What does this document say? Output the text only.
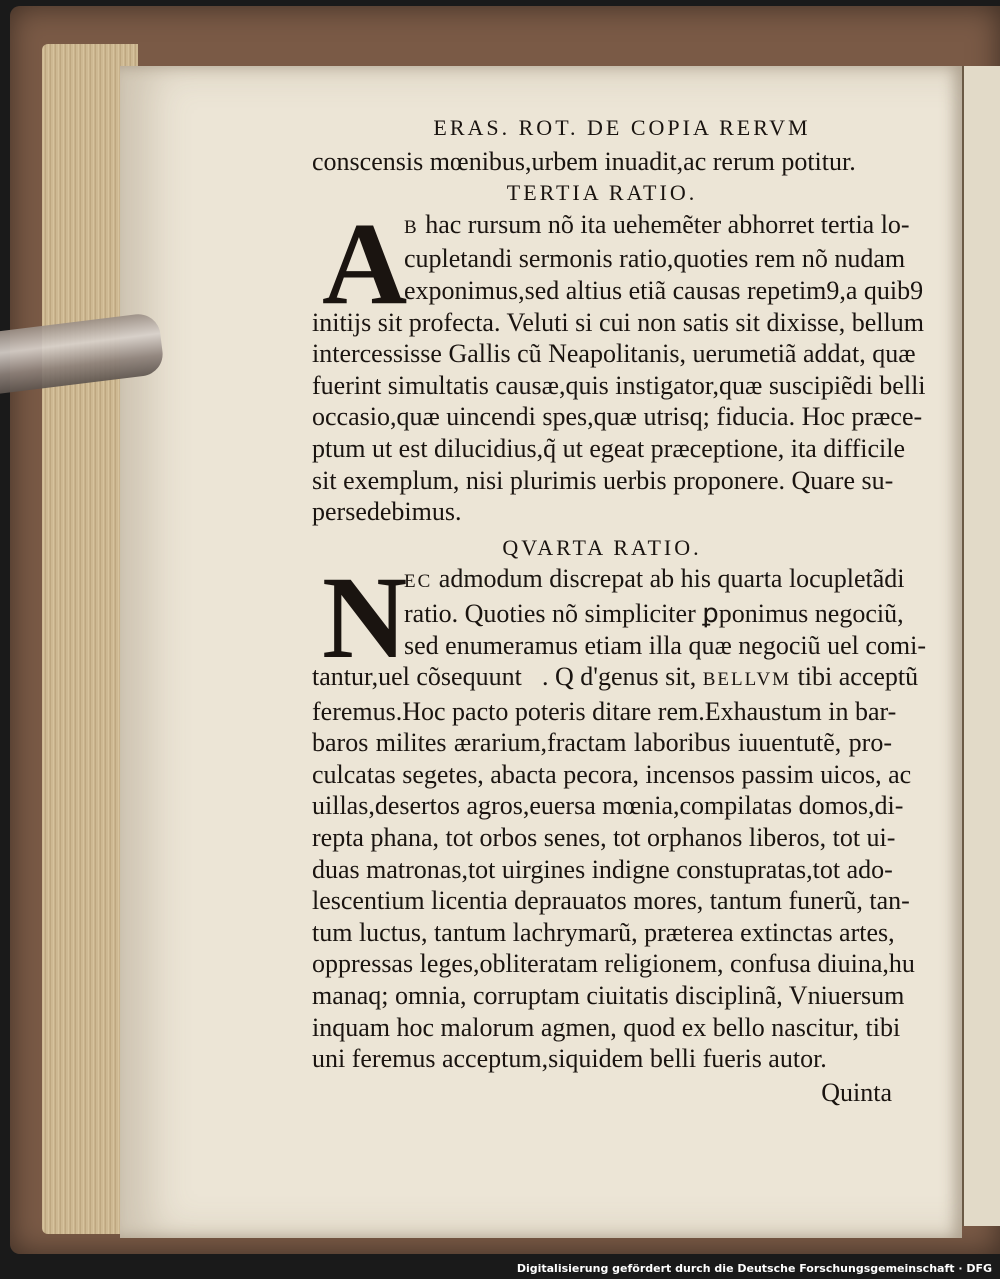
ERAS. ROT. DE COPIA RERVM
conscensis mœnibus,urbem inuadit,ac rerum potitur.
TERTIA RATIO.
A
B hac rursum nõ ita uehemẽter abhorret tertia lo-
cupletandi sermonis ratio,quoties rem nõ nudam
exponimus,sed altius etiã causas repetim9,a quib9
initijs sit profecta. Veluti si cui non satis sit dixisse, bellum
intercessisse Gallis cũ Neapolitanis, uerumetiã addat, quæ
fuerint simultatis causæ,quis instigator,quæ suscipiẽdi belli
occasio,quæ uincendi spes,quæ utrisq; fiducia. Hoc præce-
ptum ut est dilucidius,q̃ ut egeat præceptione, ita difficile
sit exemplum, nisi plurimis uerbis proponere. Quare su-
persedebimus.
QVARTA RATIO.
N
EC admodum discrepat ab his quarta locupletãdi
ratio. Quoties nõ simpliciter ꝑponimus negociũ,
sed enumeramus etiam illa quæ negociũ uel comi-
tantur,uel cõsequunt᷑. Q d'genus sit, BELLVM tibi acceptũ
feremus.Hoc pacto poteris ditare rem.Exhaustum in bar-
baros milites ærarium,fractam laboribus iuuentutẽ, pro-
culcatas segetes, abacta pecora, incensos passim uicos, ac
uillas,desertos agros,euersa mœnia,compilatas domos,di-
repta phana, tot orbos senes, tot orphanos liberos, tot ui-
duas matronas,tot uirgines indigne constupratas,tot ado-
lescentium licentia deprauatos mores, tantum funerũ, tan-
tum luctus, tantum lachrymarũ, præterea extinctas artes,
oppressas leges,obliteratam religionem, confusa diuina,hu
manaq; omnia, corruptam ciuitatis disciplinã, Vniuersum
inquam hoc malorum agmen, quod ex bello nascitur, tibi
uni feremus acceptum,siquidem belli fueris autor.
Quinta
Digitalisierung gefördert durch die Deutsche Forschungsgemeinschaft · DFG
